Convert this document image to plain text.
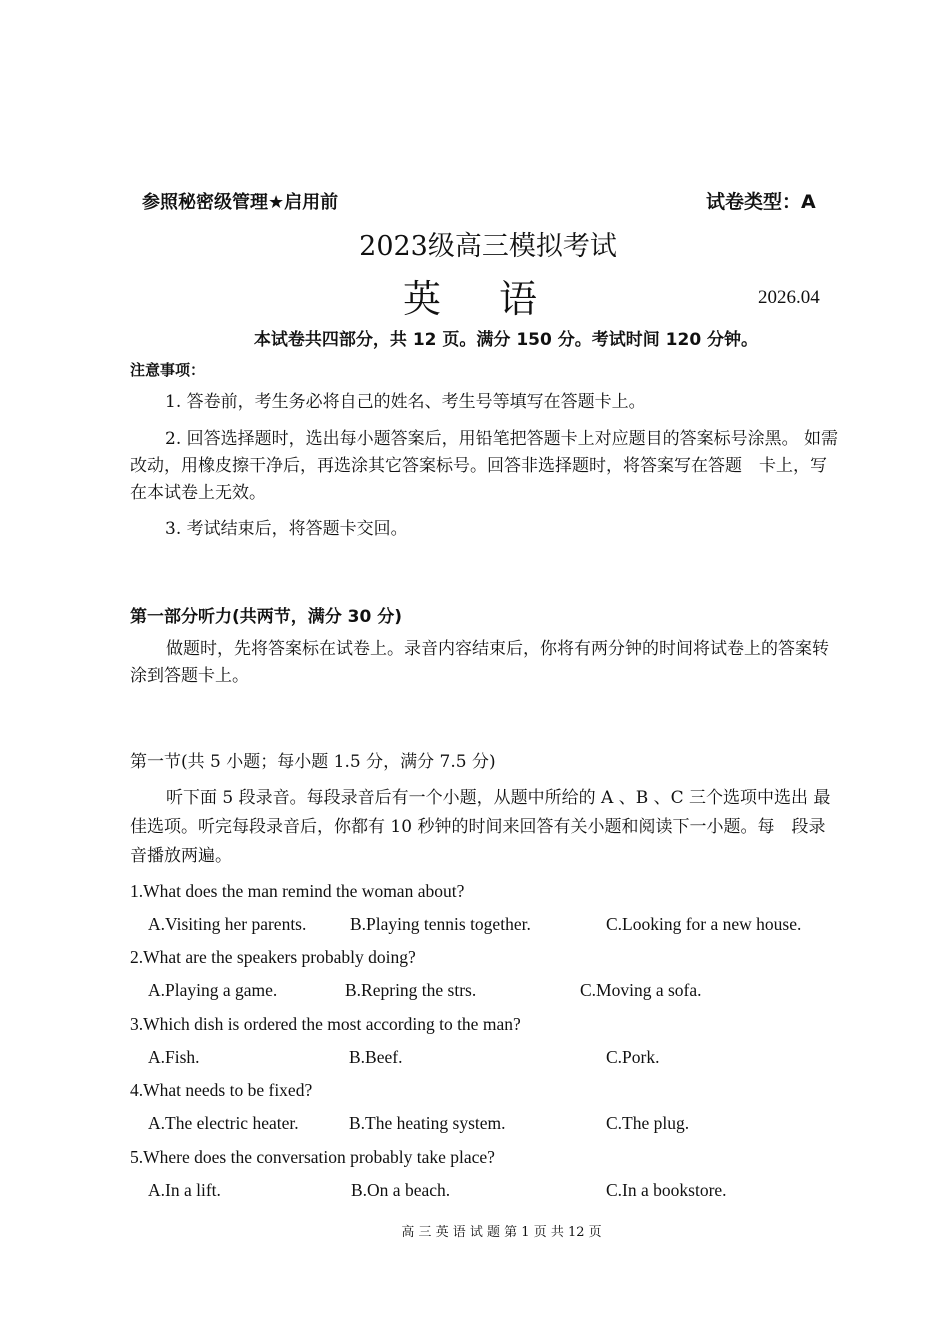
参照秘密级管理★启用前	试卷类型：A
2023级高三模拟考试
英　语	2026.04
本试卷共四部分，共 12 页。满分 150 分。考试时间 120 分钟。
注意事项：
1. 答卷前，考生务必将自己的姓名、考生号等填写在答题卡上。
2. 回答选择题时，选出每小题答案后，用铅笔把答题卡上对应题目的答案标号涂黑。 如需改动，用橡皮擦干净后，再选涂其它答案标号。回答非选择题时，将答案写在答题　卡上，写在本试卷上无效。
3. 考试结束后，将答题卡交回。
第一部分听力(共两节，满分 30 分)
做题时，先将答案标在试卷上。录音内容结束后，你将有两分钟的时间将试卷上的答案转涂到答题卡上。
第一节(共 5 小题；每小题 1.5 分，满分 7.5 分)
听下面 5 段录音。每段录音后有一个小题，从题中所给的 A 、B 、C 三个选项中选出 最佳选项。听完每段录音后，你都有 10 秒钟的时间来回答有关小题和阅读下一小题。每　段录音播放两遍。
1.What does the man remind the woman about?
A.Visiting her parents. B.Playing tennis together.	C.Looking for a new house.
2.What are the speakers probably doing?
A.Playing a game.	B.Repring the strs.	C.Moving a sofa.
3.Which dish is ordered the most according to the man?
A.Fish.	B.Beef.	C.Pork.
4.What needs to be fixed?
A.The electric heater.	B.The heating system.	C.The plug.
5.Where does the conversation probably take place?
A.In a lift.	B.On a beach.	C.In a bookstore.
高 三 英 语 试 题 第 1 页 共 12 页
